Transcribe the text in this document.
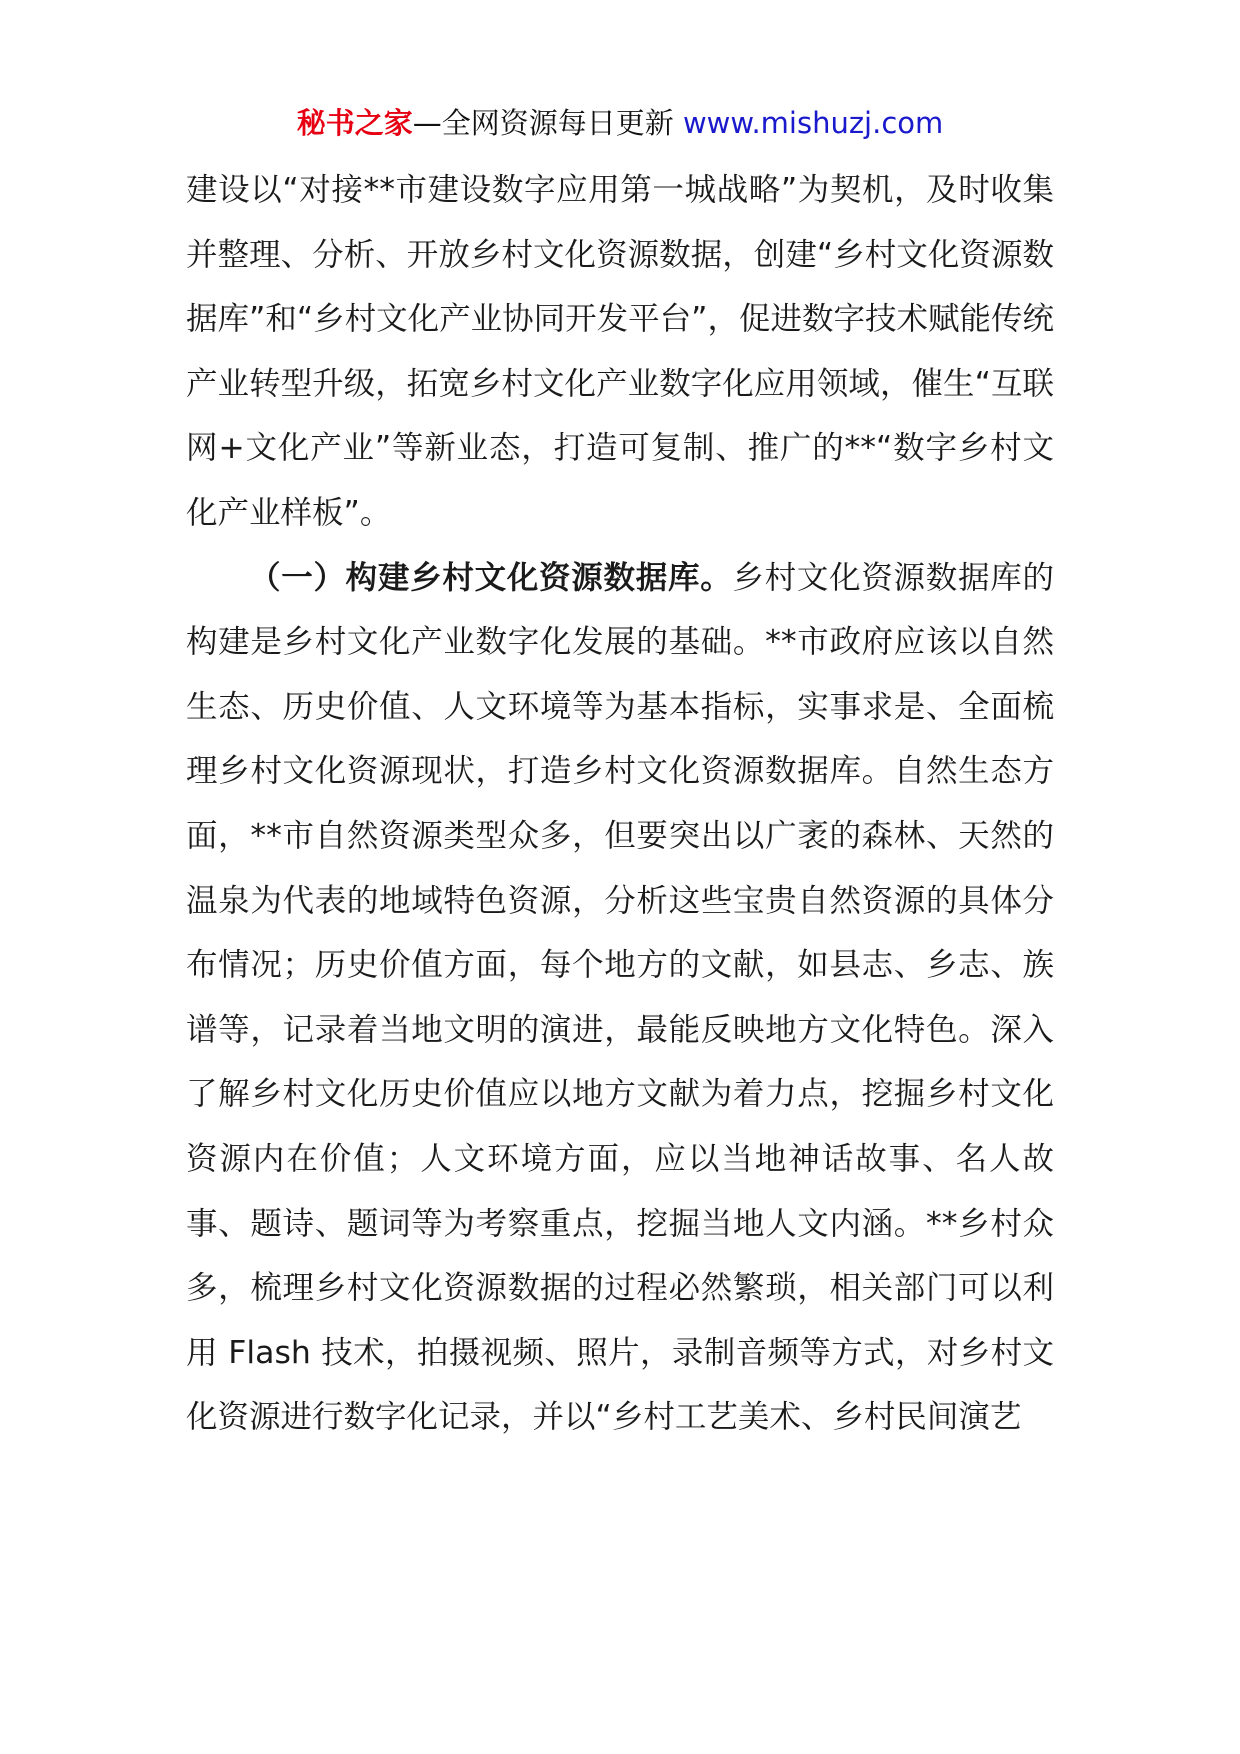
秘书之家—全网资源每日更新 www.mishuzj.com

建设以“对接**市建设数字应用第一城战略”为契机，及时收集并整理、分析、开放乡村文化资源数据，创建“乡村文化资源数据库”和“乡村文化产业协同开发平台”，促进数字技术赋能传统产业转型升级，拓宽乡村文化产业数字化应用领域，催生“互联网+文化产业”等新业态，打造可复制、推广的**“数字乡村文化产业样板”。

（一）构建乡村文化资源数据库。乡村文化资源数据库的构建是乡村文化产业数字化发展的基础。**市政府应该以自然生态、历史价值、人文环境等为基本指标，实事求是、全面梳理乡村文化资源现状，打造乡村文化资源数据库。自然生态方面，**市自然资源类型众多，但要突出以广袤的森林、天然的温泉为代表的地域特色资源，分析这些宝贵自然资源的具体分布情况；历史价值方面，每个地方的文献，如县志、乡志、族谱等，记录着当地文明的演进，最能反映地方文化特色。深入了解乡村文化历史价值应以地方文献为着力点，挖掘乡村文化资源内在价值；人文环境方面，应以当地神话故事、名人故事、题诗、题词等为考察重点，挖掘当地人文内涵。**乡村众多，梳理乡村文化资源数据的过程必然繁琐，相关部门可以利用 Flash 技术，拍摄视频、照片，录制音频等方式，对乡村文化资源进行数字化记录，并以“乡村工艺美术、乡村民间演艺
